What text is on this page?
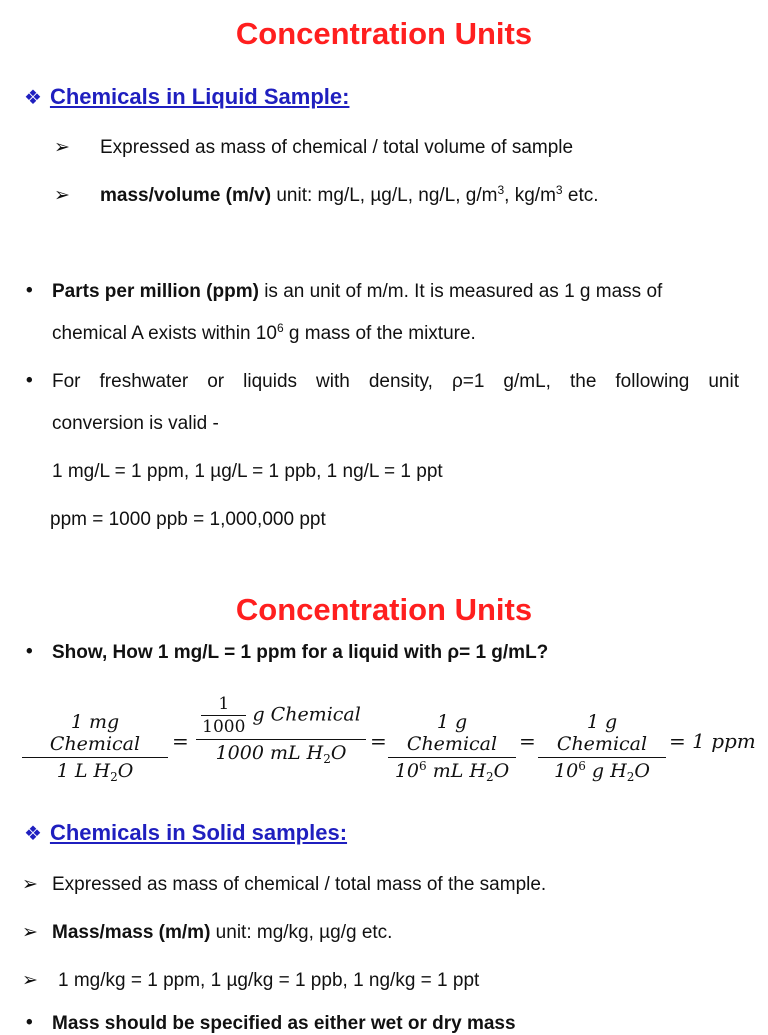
Concentration Units
❖ Chemicals in Liquid Sample:
➢ Expressed as mass of chemical / total volume of sample
➢ mass/volume (m/v) unit: mg/L, µg/L, ng/L, $g/m^3$, $kg/m^3$ etc.
• Parts per million (ppm) is an unit of m/m. It is measured as 1 g mass of
chemical A exists within $10^6$ g mass of the mixture.
• For freshwater or liquids with density, ρ=1 g/mL, the following unit
conversion is valid -
1 mg/L = 1 ppm, 1 µg/L = 1 ppb, 1 ng/L = 1 ppt
ppm = 1000 ppb = 1,000,000 ppt
Concentration Units
• Show, How 1 mg/L = 1 ppm for a liquid with ρ= 1 g/mL?
1 mg Chemical
1 L $H_2O$
=
$\frac{1}{1000}$ g Chemical
1000 mL $H_2O$	=
1 g Chemical
$10^6$ mL $H_2O$
=
1 g Chemical
$10^6$ g $H_2O$
= 1 ppm
❖ Chemicals in Solid samples:
➢ Expressed as mass of chemical / total mass of the sample.
➢ Mass/mass (m/m) unit: mg/kg, µg/g etc.
➢ 1 mg/kg = 1 ppm, 1 µg/kg = 1 ppb, 1 ng/kg = 1 ppt
• Mass should be specified as either wet or dry mass
